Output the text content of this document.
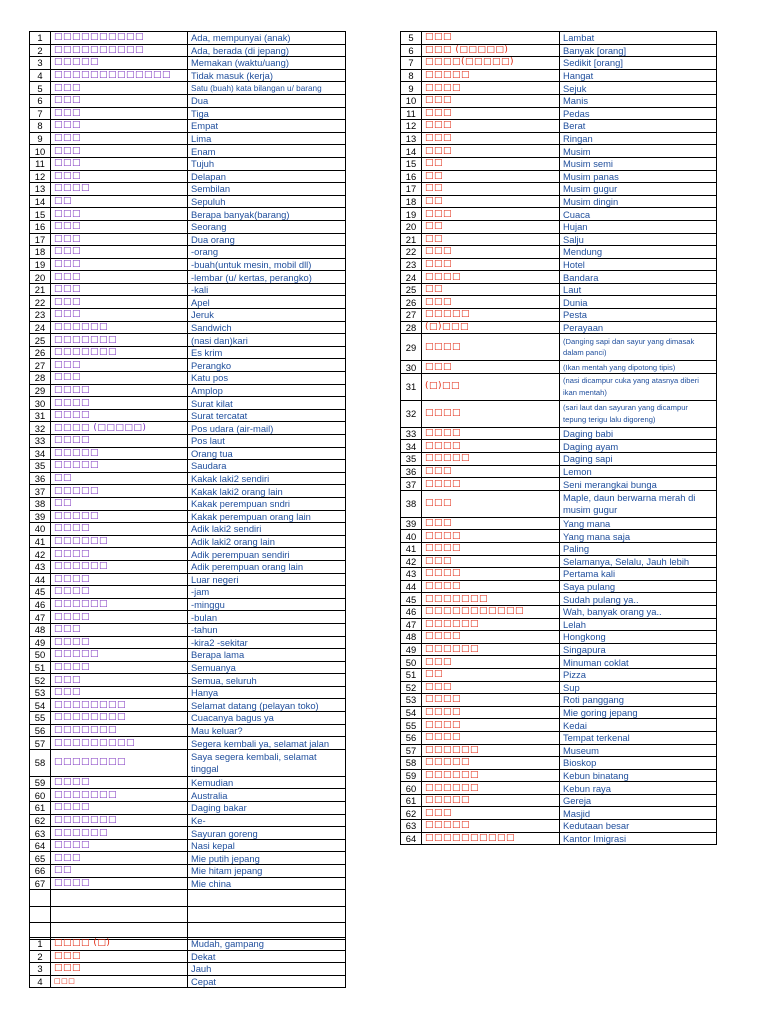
1	□□□□□□□□□□	Ada, mempunyai (anak)
2	□□□□□□□□□□	Ada, berada (di jepang)
3	□□□□□	Memakan (waktu/uang)
4	□□□□□□□□□□□□□	Tidak masuk (kerja)
5	□□□	Satu (buah) kata bilangan u/ barang
6	□□□	Dua
7	□□□	Tiga
8	□□□	Empat
9	□□□	Lima
10	□□□	Enam
11	□□□	Tujuh
12	□□□	Delapan
13	□□□□	Sembilan
14	□□	Sepuluh
15	□□□	Berapa banyak(barang)
16	□□□	Seorang
17	□□□	Dua orang
18	□□□	-orang
19	□□□	-buah(untuk mesin, mobil dll)
20	□□□	-lembar (u/ kertas, perangko)
21	□□□	-kali
22	□□□	Apel
23	□□□	Jeruk
24	□□□□□□	Sandwich
25	□□□□□□□	(nasi dan)kari
26	□□□□□□□	Es krim
27	□□□	Perangko
28	□□□	Katu pos
29	□□□□	Amplop
30	□□□□	Surat kilat
31	□□□□	Surat tercatat
32	□□□□ (□□□□□)	Pos udara (air-mail)
33	□□□□	Pos laut
34	□□□□□	Orang tua
35	□□□□□	Saudara
36	□□	Kakak laki2 sendiri
37	□□□□□	Kakak laki2 orang lain
38	□□	Kakak perempuan sndri
39	□□□□□	Kakak perempuan orang lain
40	□□□□	Adik laki2 sendiri
41	□□□□□□	Adik laki2 orang lain
42	□□□□	Adik perempuan sendiri
43	□□□□□□	Adik perempuan orang lain
44	□□□□	Luar negeri
45	□□□□	-jam
46	□□□□□□	-minggu
47	□□□□	-bulan
48	□□□	-tahun
49	□□□□	-kira2 -sekitar
50	□□□□□	Berapa lama
51	□□□□	Semuanya
52	□□□	Semua, seluruh
53	□□□	Hanya
54	□□□□□□□□	Selamat datang (pelayan toko)
55	□□□□□□□□	Cuacanya bagus ya
56	□□□□□□□	Mau keluar?
57	□□□□□□□□□	Segera kembali ya, selamat jalan
58	□□□□□□□□	Saya segera kembali, selamat tinggal
59	□□□□	Kemudian
60	□□□□□□□	Australia
61	□□□□	Daging bakar
62	□□□□□□□	Ke-
63	□□□□□□	Sayuran goreng
64	□□□□	Nasi kepal
65	□□□	Mie putih jepang
66	□□	Mie hitam jepang
67	□□□□	Mie china

1	□□□□ (□)	Mudah, gampang
2	□□□	Dekat
3	□□□	Jauh
4	□□□	Cepat
5	□□□	Lambat
6	□□□ (□□□□□)	Banyak [orang]
7	□□□□(□□□□□)	Sedikit [orang]
8	□□□□□	Hangat
9	□□□□	Sejuk
10	□□□	Manis
11	□□□	Pedas
12	□□□	Berat
13	□□□	Ringan
14	□□□	Musim
15	□□	Musim semi
16	□□	Musim panas
17	□□	Musim gugur
18	□□	Musim dingin
19	□□□	Cuaca
20	□□	Hujan
21	□□	Salju
22	□□□	Mendung
23	□□□	Hotel
24	□□□□	Bandara
25	□□	Laut
26	□□□	Dunia
27	□□□□□	Pesta
28	(□)□□□	Perayaan
29	□□□□	(Danging sapi dan sayur yang dimasak dalam panci)
30	□□□	(Ikan mentah yang dipotong tipis)
31	(□)□□	(nasi dicampur cuka yang atasnya diberi ikan mentah)
32	□□□□	(sari laut dan sayuran yang dicampur tepung terigu lalu digoreng)
33	□□□□	Daging babi
34	□□□□	Daging ayam
35	□□□□□	Daging sapi
36	□□□	Lemon
37	□□□□	Seni merangkai bunga
38	□□□	Maple, daun berwarna merah di musim gugur
39	□□□	Yang mana
40	□□□□	Yang mana saja
41	□□□□	Paling
42	□□□	Selamanya, Selalu, Jauh lebih
43	□□□□	Pertama kali
44	□□□□	Saya pulang
45	□□□□□□□	Sudah pulang ya..
46	□□□□□□□□□□□	Wah, banyak orang ya..
47	□□□□□□	Lelah
48	□□□□	Hongkong
49	□□□□□□	Singapura
50	□□□	Minuman coklat
51	□□	Pizza
52	□□□	Sup
53	□□□□	Roti panggang
54	□□□□	Mie goring jepang
55	□□□□	Kedai
56	□□□□	Tempat terkenal
57	□□□□□□	Museum
58	□□□□□	Bioskop
59	□□□□□□	Kebun binatang
60	□□□□□□	Kebun raya
61	□□□□□	Gereja
62	□□□	Masjid
63	□□□□□	Kedutaan besar
64	□□□□□□□□□□	Kantor Imigrasi
